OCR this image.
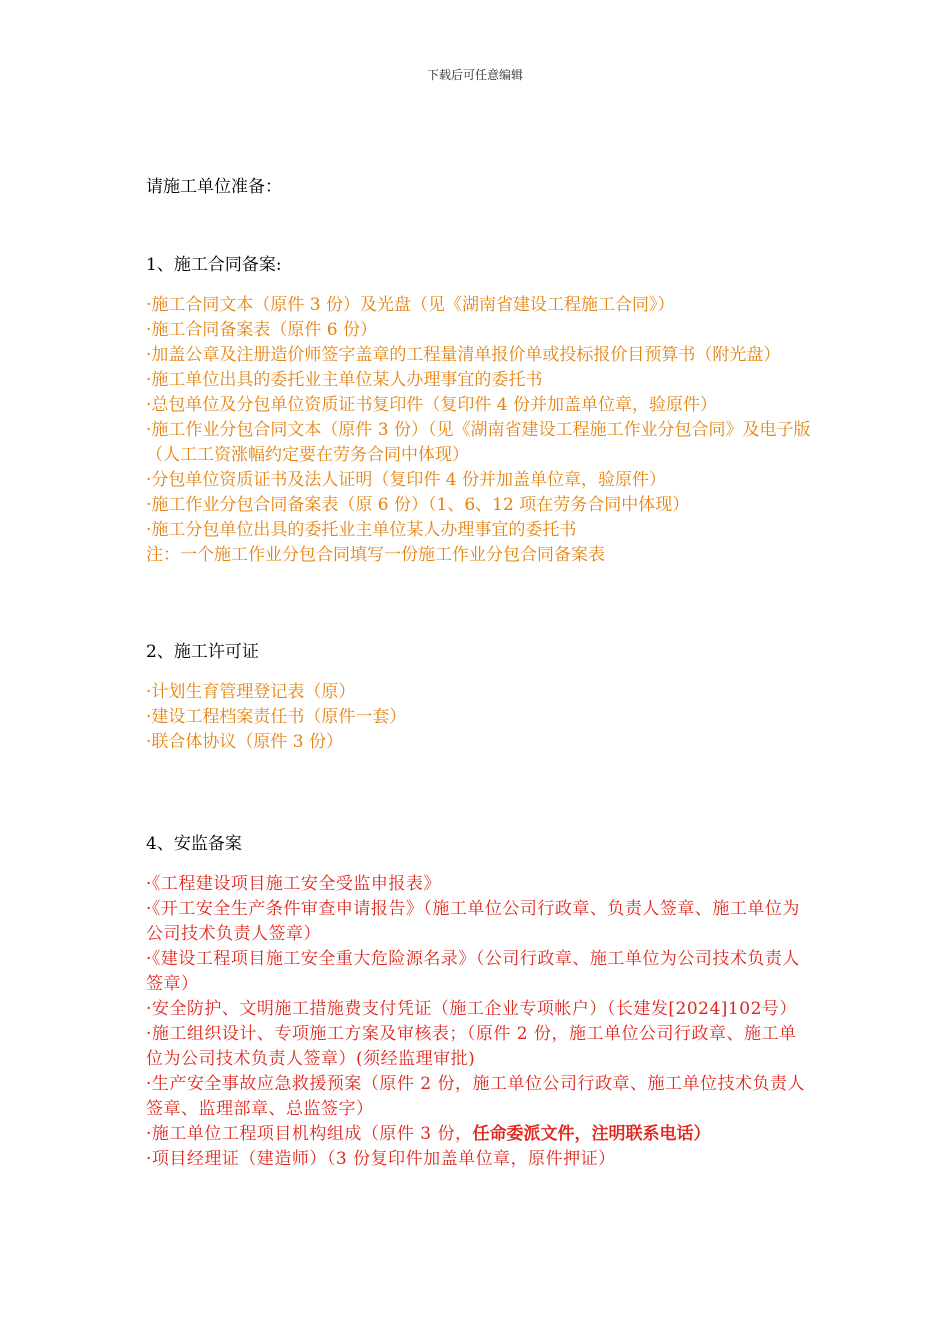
下载后可任意编辑
请施工单位准备：
1、施工合同备案:
·施工合同文本（原件 3 份）及光盘（见《湖南省建设工程施工合同》）
·施工合同备案表（原件 6 份）
·加盖公章及注册造价师签字盖章的工程量清单报价单或投标报价目预算书（附光盘）
·施工单位出具的委托业主单位某人办理事宜的委托书
·总包单位及分包单位资质证书复印件（复印件 4 份并加盖单位章，验原件）
·施工作业分包合同文本（原件 3 份）（见《湖南省建设工程施工作业分包合同》及电子版（人工工资涨幅约定要在劳务合同中体现）
·分包单位资质证书及法人证明（复印件 4 份并加盖单位章，验原件）
·施工作业分包合同备案表（原 6 份）（1、6、12 项在劳务合同中体现）
·施工分包单位出具的委托业主单位某人办理事宜的委托书
注：一个施工作业分包合同填写一份施工作业分包合同备案表
2、施工许可证
·计划生育管理登记表（原）
·建设工程档案责任书（原件一套）
·联合体协议（原件 3 份）
4、安监备案
·《工程建设项目施工安全受监申报表》
·《开工安全生产条件审查申请报告》（施工单位公司行政章、负责人签章、施工单位为公司技术负责人签章）
·《建设工程项目施工安全重大危险源名录》（公司行政章、施工单位为公司技术负责人签章）
·安全防护、文明施工措施费支付凭证（施工企业专项帐户）（长建发[2024]102号）
·施工组织设计、专项施工方案及审核表；（原件 2 份，施工单位公司行政章、施工单位为公司技术负责人签章）(须经监理审批)
·生产安全事故应急救援预案（原件 2 份，施工单位公司行政章、施工单位技术负责人签章、监理部章、总监签字）
·施工单位工程项目机构组成（原件 3 份，任命委派文件，注明联系电话）
·项目经理证（建造师）（3 份复印件加盖单位章，原件押证）
